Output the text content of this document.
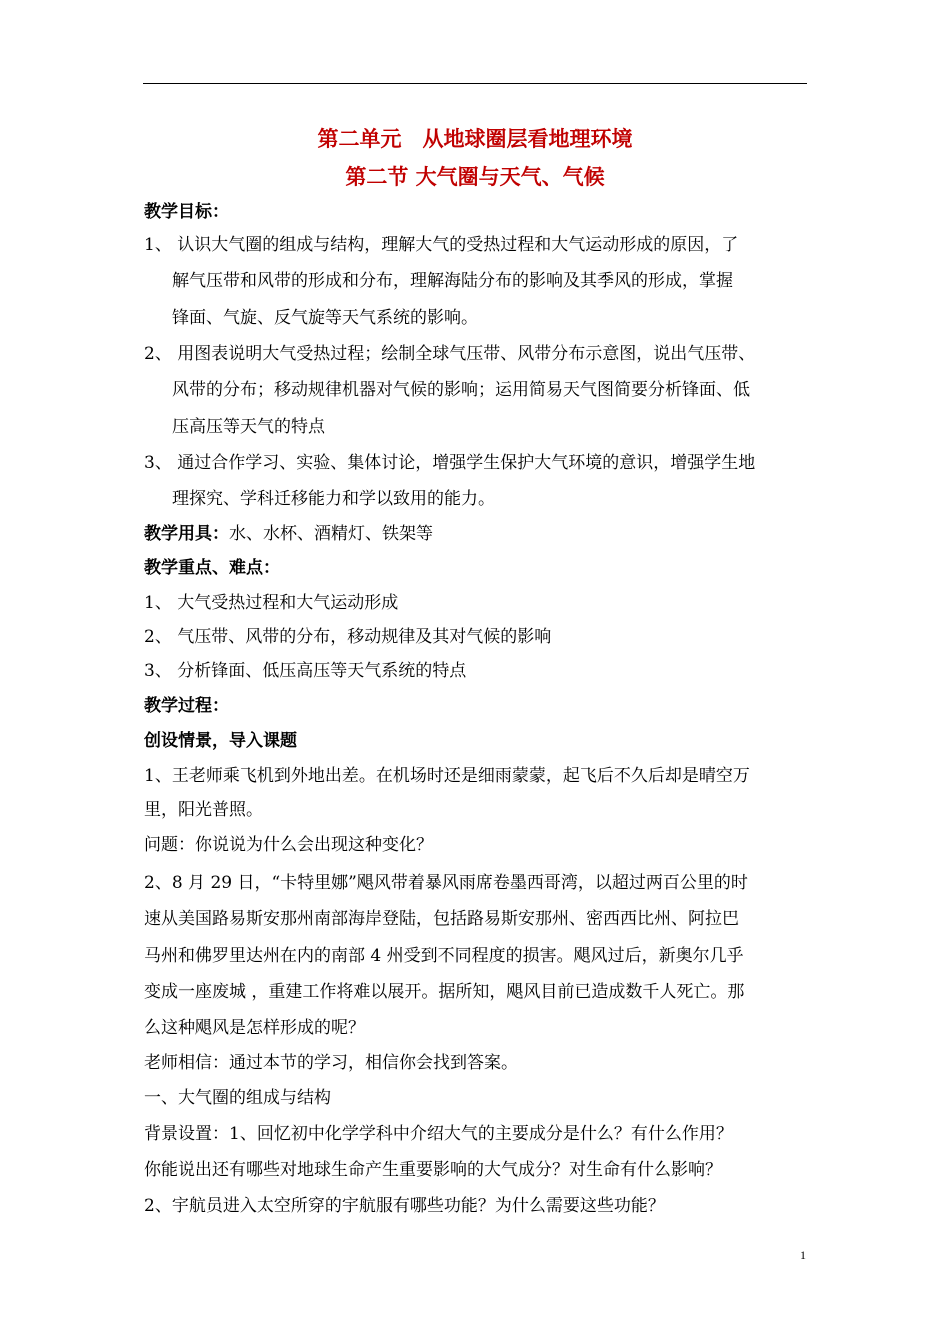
第二单元　从地球圈层看地理环境
第二节 大气圈与天气、气候
教学目标：
1、 认识大气圈的组成与结构，理解大气的受热过程和大气运动形成的原因，了
解气压带和风带的形成和分布，理解海陆分布的影响及其季风的形成，掌握
锋面、气旋、反气旋等天气系统的影响。
2、 用图表说明大气受热过程；绘制全球气压带、风带分布示意图，说出气压带、
风带的分布；移动规律机器对气候的影响；运用简易天气图简要分析锋面、低
压高压等天气的特点
3、 通过合作学习、实验、集体讨论，增强学生保护大气环境的意识，增强学生地
理探究、学科迁移能力和学以致用的能力。
教学用具：水、水杯、酒精灯、铁架等
教学重点、难点：
1、 大气受热过程和大气运动形成
2、 气压带、风带的分布，移动规律及其对气候的影响
3、 分析锋面、低压高压等天气系统的特点
教学过程：
创设情景，导入课题
1、王老师乘飞机到外地出差。在机场时还是细雨蒙蒙，起飞后不久后却是晴空万
里，阳光普照。
问题：你说说为什么会出现这种变化？
2、8 月 29 日，“卡特里娜”飓风带着暴风雨席卷墨西哥湾，以超过两百公里的时
速从美国路易斯安那州南部海岸登陆，包括路易斯安那州、密西西比州、阿拉巴
马州和佛罗里达州在内的南部 4 州受到不同程度的损害。飓风过后，新奥尔几乎
变成一座废城 ，重建工作将难以展开。据所知，飓风目前已造成数千人死亡。那
么这种飓风是怎样形成的呢？
老师相信：通过本节的学习，相信你会找到答案。
一、大气圈的组成与结构
背景设置：1、回忆初中化学学科中介绍大气的主要成分是什么？有什么作用？
你能说出还有哪些对地球生命产生重要影响的大气成分？对生命有什么影响？
2、宇航员进入太空所穿的宇航服有哪些功能？为什么需要这些功能？
1
